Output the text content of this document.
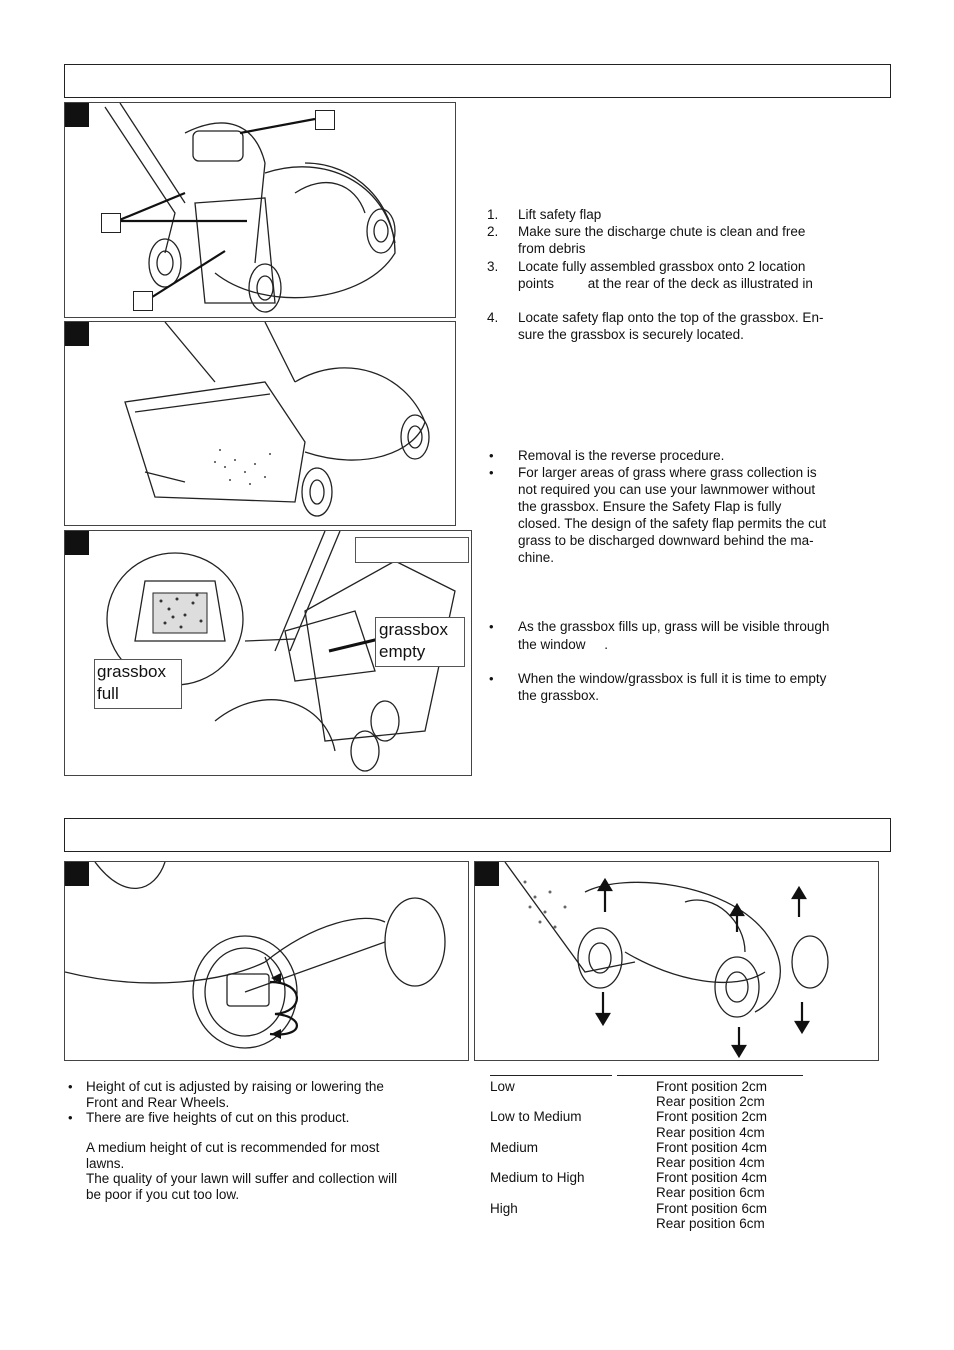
grassbox
empty
grassbox
full
1. Lift safety flap
2. Make sure the discharge chute is clean and free
from debris
3. Locate fully assembled grassbox onto 2 location
points         at the rear of the deck as illustrated in
4. Locate safety flap onto the top of the grassbox. En-
sure the grassbox is securely located.
• Removal is the reverse procedure.
• For larger areas of grass where grass collection is
not required you can use your lawnmower without
the grassbox. Ensure the Safety Flap is fully
closed. The design of the safety flap permits the cut
grass to be discharged downward behind the ma-
chine.
• As the grassbox fills up, grass will be visible through
the window     .
• When the window/grassbox is full it is time to empty
the grassbox.
• Height of cut is adjusted by raising or lowering the
Front and Rear Wheels.
• There are five heights of cut on this product.
A medium height of cut is recommended for most
lawns.
The quality of your lawn will suffer and collection will
be poor if you cut too low.
Low	Front position 2cm
Rear position 2cm
Low to Medium	Front position 2cm
Rear position 4cm
Medium	Front position 4cm
Rear position 4cm
Medium to High	Front position 4cm
Rear position 6cm
High	Front position 6cm
Rear position 6cm
